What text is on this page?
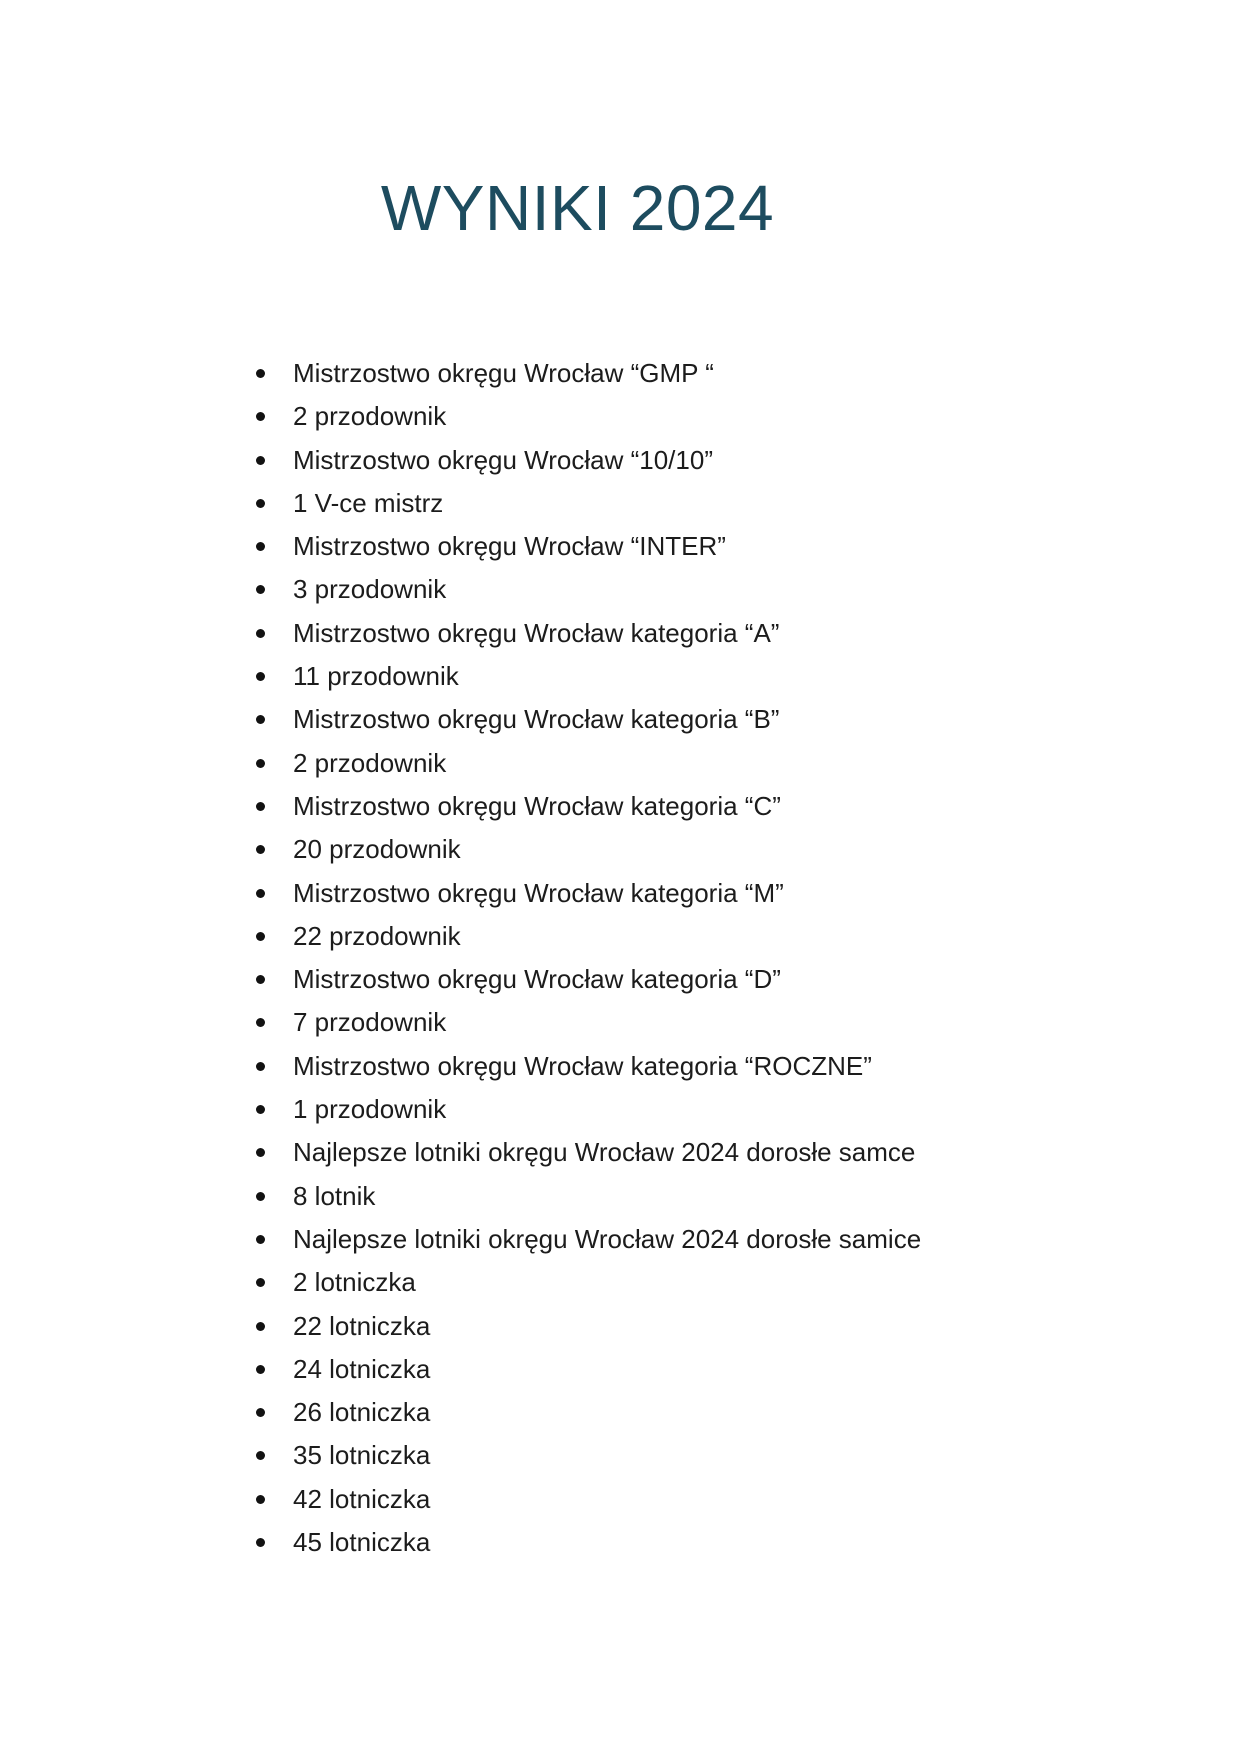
WYNIKI 2024
Mistrzostwo okręgu Wrocław “GMP “
2 przodownik
Mistrzostwo okręgu Wrocław “10/10”
1 V-ce mistrz
Mistrzostwo okręgu Wrocław “INTER”
3 przodownik
Mistrzostwo okręgu Wrocław kategoria “A”
11 przodownik
Mistrzostwo okręgu Wrocław kategoria “B”
2 przodownik
Mistrzostwo okręgu Wrocław kategoria “C”
20 przodownik
Mistrzostwo okręgu Wrocław kategoria “M”
22 przodownik
Mistrzostwo okręgu Wrocław kategoria “D”
7 przodownik
Mistrzostwo okręgu Wrocław kategoria “ROCZNE”
1 przodownik
Najlepsze lotniki okręgu Wrocław 2024 dorosłe samce
8 lotnik
Najlepsze lotniki okręgu Wrocław 2024 dorosłe samice
2 lotniczka
22 lotniczka
24 lotniczka
26 lotniczka
35 lotniczka
42 lotniczka
45 lotniczka
